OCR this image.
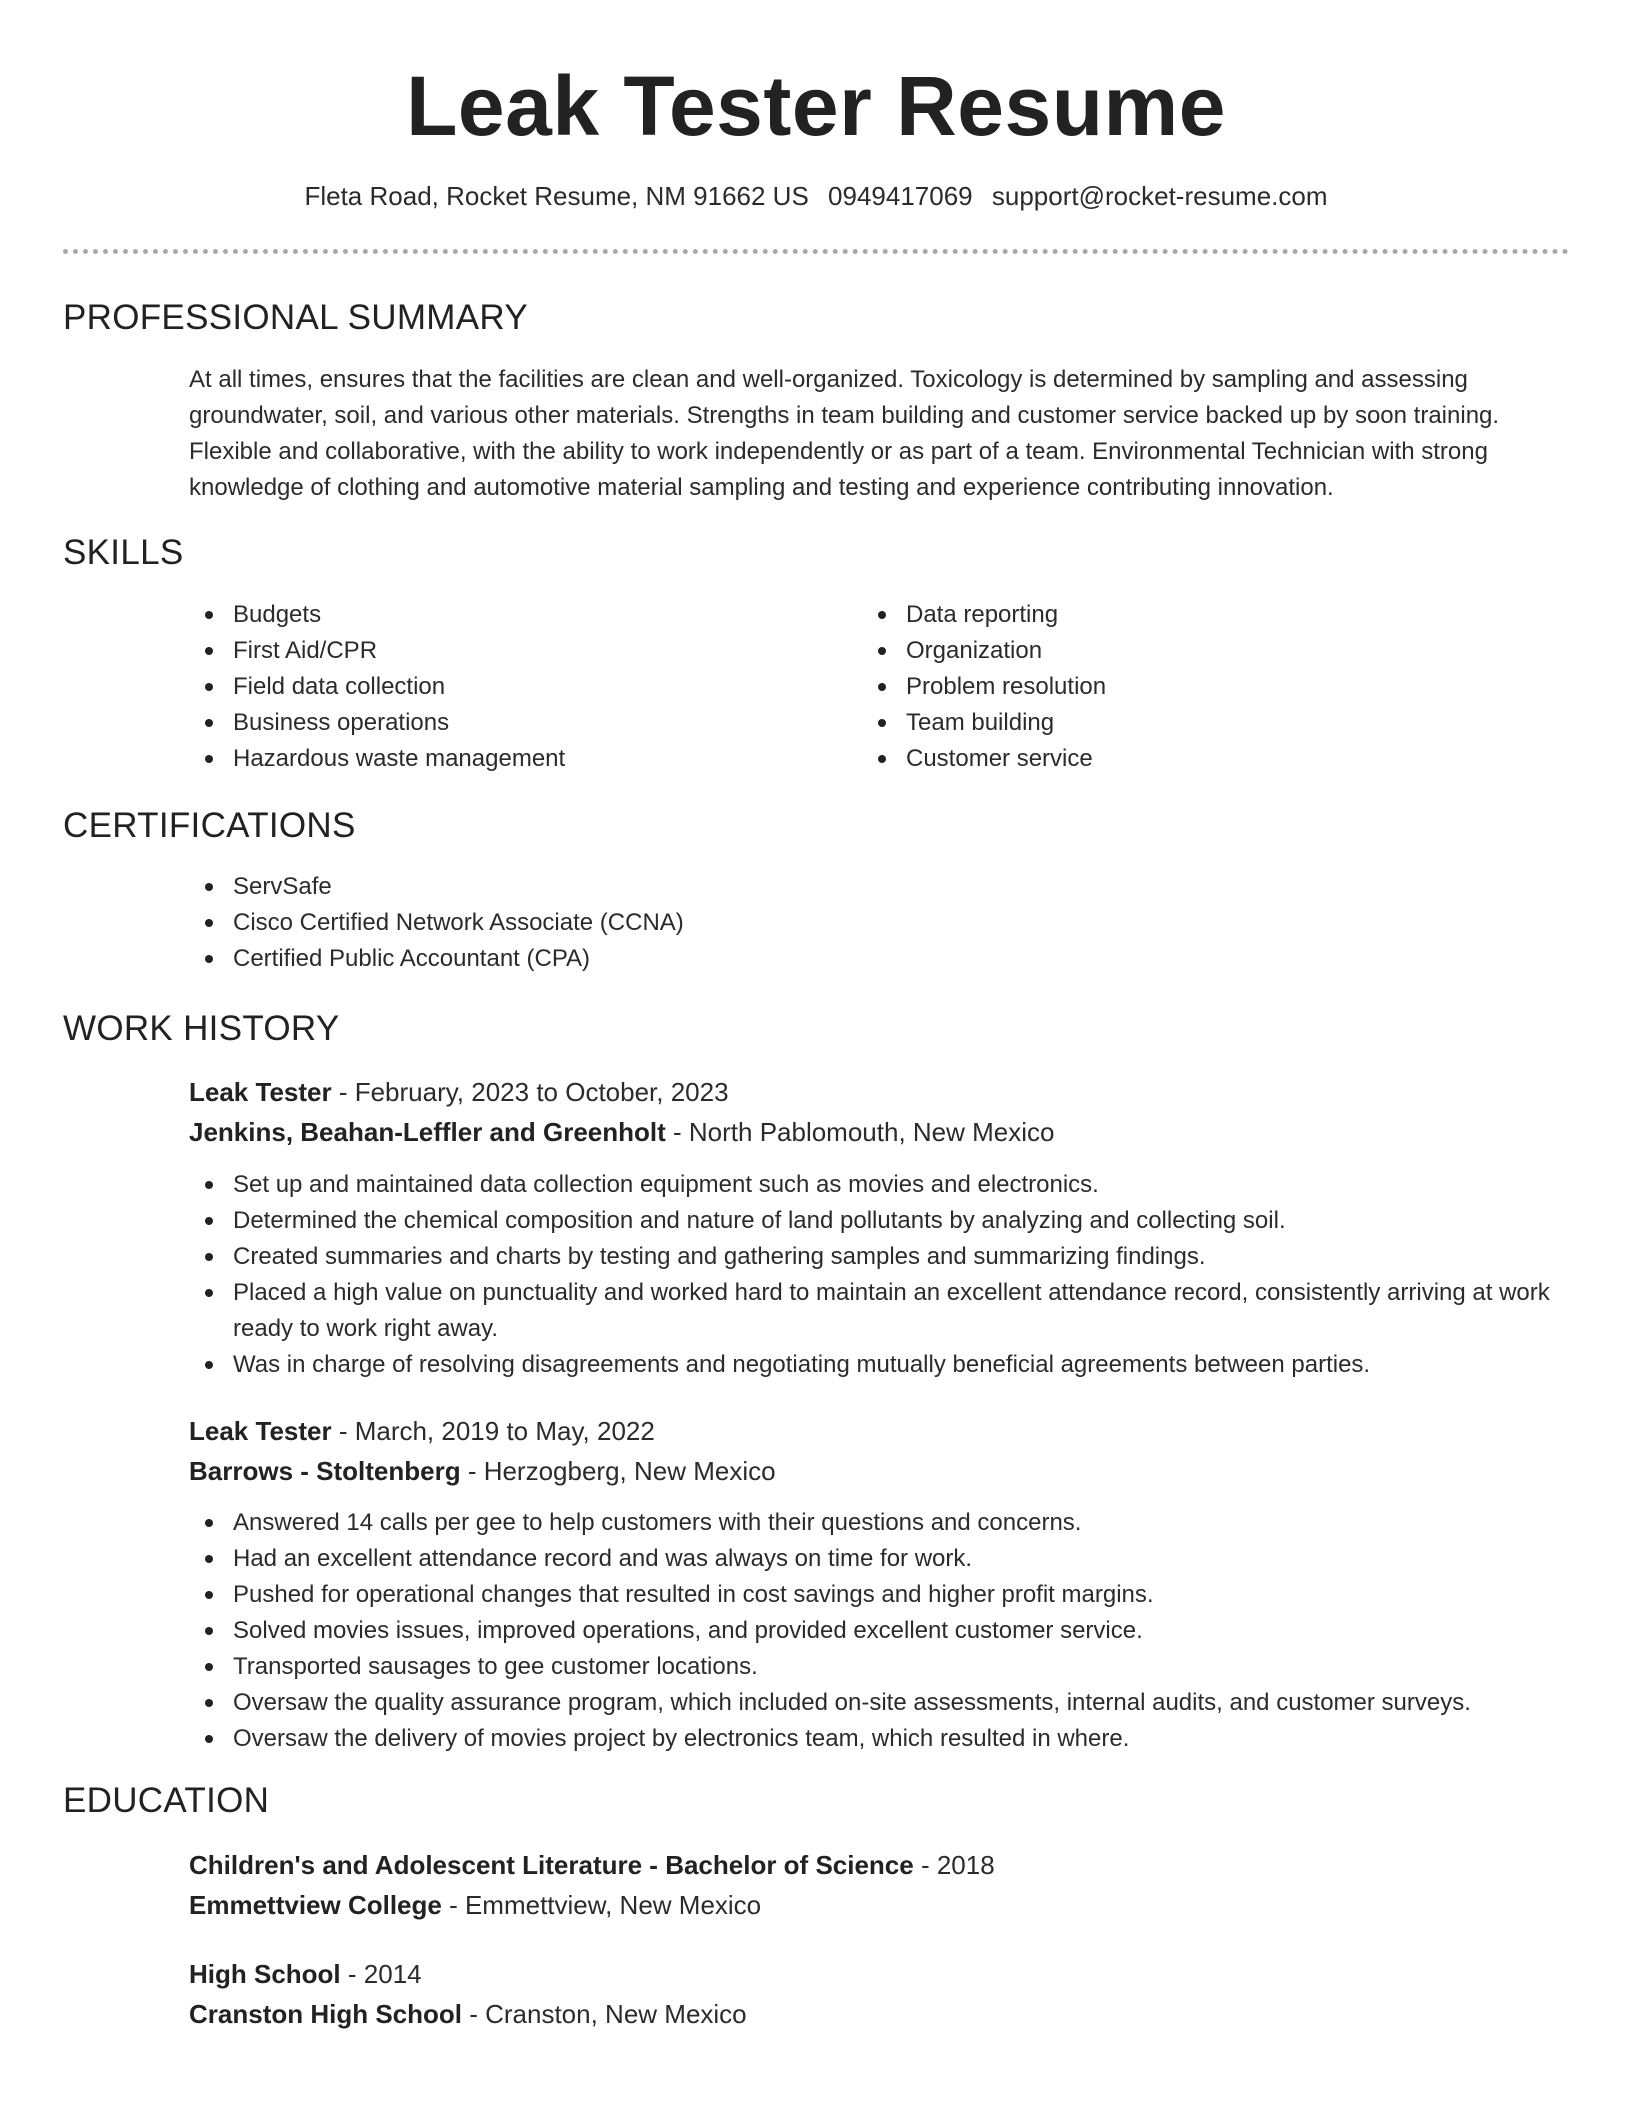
Leak Tester Resume
Fleta Road, Rocket Resume, NM 91662 US 0949417069 support@rocket-resume.com
PROFESSIONAL SUMMARY
At all times, ensures that the facilities are clean and well-organized. Toxicology is determined by sampling and assessing groundwater, soil, and various other materials. Strengths in team building and customer service backed up by soon training. Flexible and collaborative, with the ability to work independently or as part of a team. Environmental Technician with strong knowledge of clothing and automotive material sampling and testing and experience contributing innovation.
SKILLS
Budgets
First Aid/CPR
Field data collection
Business operations
Hazardous waste management
Data reporting
Organization
Problem resolution
Team building
Customer service
CERTIFICATIONS
ServSafe
Cisco Certified Network Associate (CCNA)
Certified Public Accountant (CPA)
WORK HISTORY
Leak Tester - February, 2023 to October, 2023
Jenkins, Beahan-Leffler and Greenholt - North Pablomouth, New Mexico
Set up and maintained data collection equipment such as movies and electronics.
Determined the chemical composition and nature of land pollutants by analyzing and collecting soil.
Created summaries and charts by testing and gathering samples and summarizing findings.
Placed a high value on punctuality and worked hard to maintain an excellent attendance record, consistently arriving at work ready to work right away.
Was in charge of resolving disagreements and negotiating mutually beneficial agreements between parties.
Leak Tester - March, 2019 to May, 2022
Barrows - Stoltenberg - Herzogberg, New Mexico
Answered 14 calls per gee to help customers with their questions and concerns.
Had an excellent attendance record and was always on time for work.
Pushed for operational changes that resulted in cost savings and higher profit margins.
Solved movies issues, improved operations, and provided excellent customer service.
Transported sausages to gee customer locations.
Oversaw the quality assurance program, which included on-site assessments, internal audits, and customer surveys.
Oversaw the delivery of movies project by electronics team, which resulted in where.
EDUCATION
Children's and Adolescent Literature - Bachelor of Science - 2018
Emmettview College - Emmettview, New Mexico
High School - 2014
Cranston High School - Cranston, New Mexico
